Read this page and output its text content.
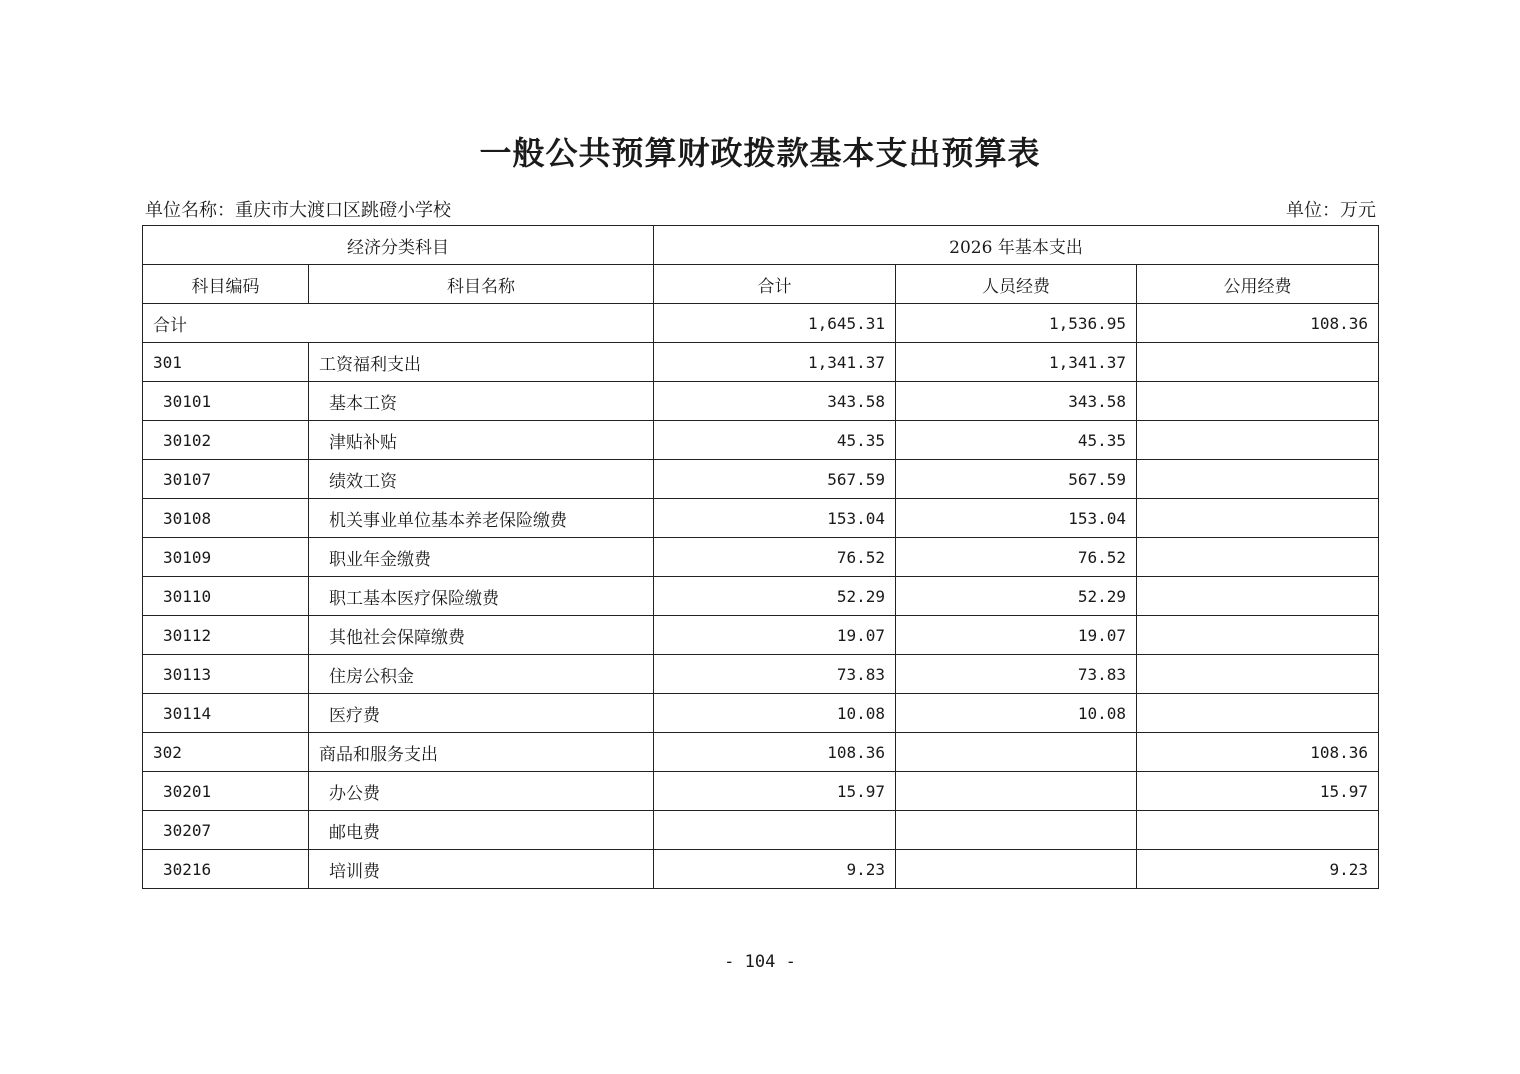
一般公共预算财政拨款基本支出预算表
单位名称：重庆市大渡口区跳磴小学校	单位：万元
经济分类科目		2026 年基本支出		
科目编码	科目名称	合计	人员经费	公用经费
合计		1,645.31	1,536.95	108.36
301	工资福利支出	1,341.37	1,341.37	
30101	基本工资	343.58	343.58	
30102	津贴补贴	45.35	45.35	
30107	绩效工资	567.59	567.59	
30108	机关事业单位基本养老保险缴费	153.04	153.04	
30109	职业年金缴费	76.52	76.52	
30110	职工基本医疗保险缴费	52.29	52.29	
30112	其他社会保障缴费	19.07	19.07	
30113	住房公积金	73.83	73.83	
30114	医疗费	10.08	10.08	
302	商品和服务支出	108.36		108.36
30201	办公费	15.97		15.97
30207	邮电费			
30216	培训费	9.23		9.23
- 104 -
